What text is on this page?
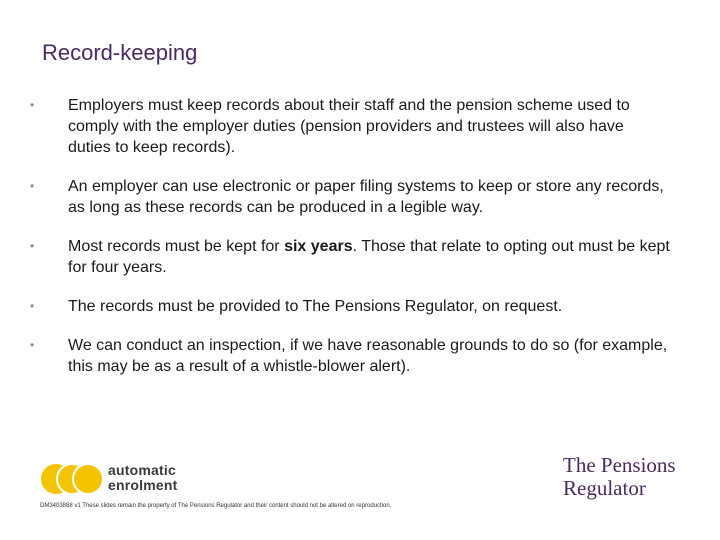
Record-keeping
• Employers must keep records about their staff and the pension scheme used to comply with the employer duties (pension providers and trustees will also have duties to keep records).
• An employer can use electronic or paper filing systems to keep or store any records, as long as these records can be produced in a legible way.
• Most records must be kept for six years. Those that relate to opting out must be kept for four years.
• The records must be provided to The Pensions Regulator, on request.
• We can conduct an inspection, if we have reasonable grounds to do so (for example, this may be as a result of a whistle-blower alert).
automatic
enrolment
The Pensions
Regulator
DM3403888 v1 These slides remain the property of The Pensions Regulator and their content should not be altered on reproduction.
